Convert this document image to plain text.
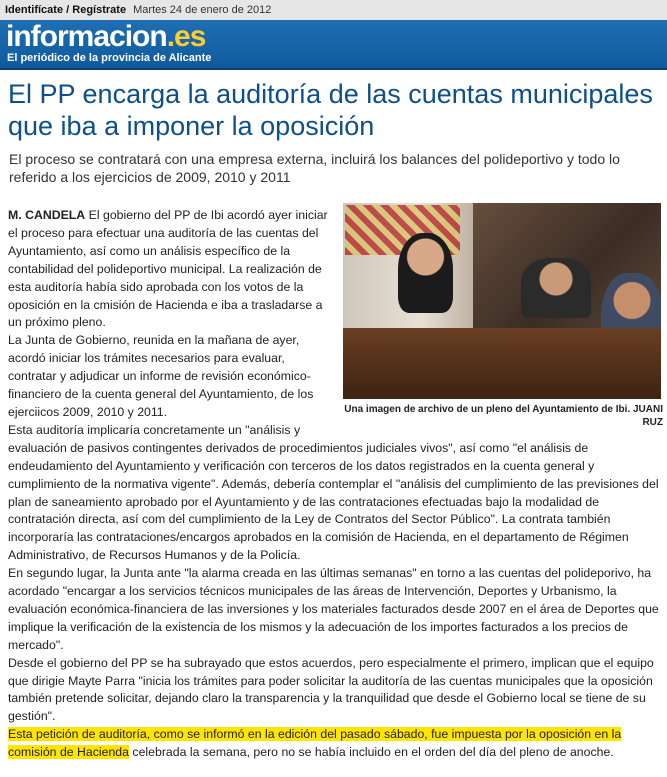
Identifícate / Regístrate Martes 24 de enero de 2012
informacion.es
El periódico de la provincia de Alicante
El PP encarga la auditoría de las cuentas municipales que iba a imponer la oposición
El proceso se contratará con una empresa externa, incluirá los balances del polideportivo y todo lo referido a los ejercicios de 2009, 2010 y 2011
Una imagen de archivo de un pleno del Ayuntamiento de Ibi. JUANI RUZ

M. CANDELA El gobierno del PP de Ibi acordó ayer iniciar el proceso para efectuar una auditoría de las cuentas del Ayuntamiento, así como un análisis específico de la contabilidad del polideportivo municipal. La realización de esta auditoría había sido aprobada con los votos de la oposición en la cmisión de Hacienda e iba a trasladarse a un próximo pleno.

La Junta de Gobierno, reunida en la mañana de ayer, acordó iniciar los trámites necesarios para evaluar, contratar y adjudicar un informe de revisión económico-financiero de la cuenta general del Ayuntamiento, de los ejerciicos 2009, 2010 y 2011.

Esta auditoría implicaría concretamente un "análisis y evaluación de pasivos contingentes derivados de procedimientos judiciales vivos", así como "el análisis de endeudamiento del Ayuntamiento y verificación con terceros de los datos registrados en la cuenta general y cumplimiento de la normativa vigente". Además, debería contemplar el "análisis del cumplimiento de las previsiones del plan de saneamiento aprobado por el Ayuntamiento y de las contrataciones efectuadas bajo la modalidad de contratación directa, así com del cumplimiento de la Ley de Contratos del Sector Público". La contrata también incorporaría las contrataciones/encargos aprobados en la comisión de Hacienda, en el departamento de Régimen Administrativo, de Recursos Humanos y de la Policía.

En segundo lugar, la Junta ante "la alarma creada en las últimas semanas" en torno a las cuentas del polideporivo, ha acordado "encargar a los servicios técnicos municipales de las áreas de Intervención, Deportes y Urbanismo, la evaluación económica-financiera de las inversiones y los materiales facturados desde 2007 en el área de Deportes que implique la verificación de la existencia de los mismos y la adecuación de los importes facturados a los precios de mercado".

Desde el gobierno del PP se ha subrayado que estos acuerdos, pero especialmente el primero, implican que el equipo que dirigie Mayte Parra "inicia los trámites para poder solicitar la auditoría de las cuentas municipales que la oposición también pretende solicitar, dejando claro la transparencia y la tranquilidad que desde el Gobierno local se tiene de su gestión".

Esta petición de auditoría, como se informó en la edición del pasado sábado, fue impuesta por la oposición en la comisión de Hacienda celebrada la semana, pero no se había incluido en el orden del día del pleno de anoche.
